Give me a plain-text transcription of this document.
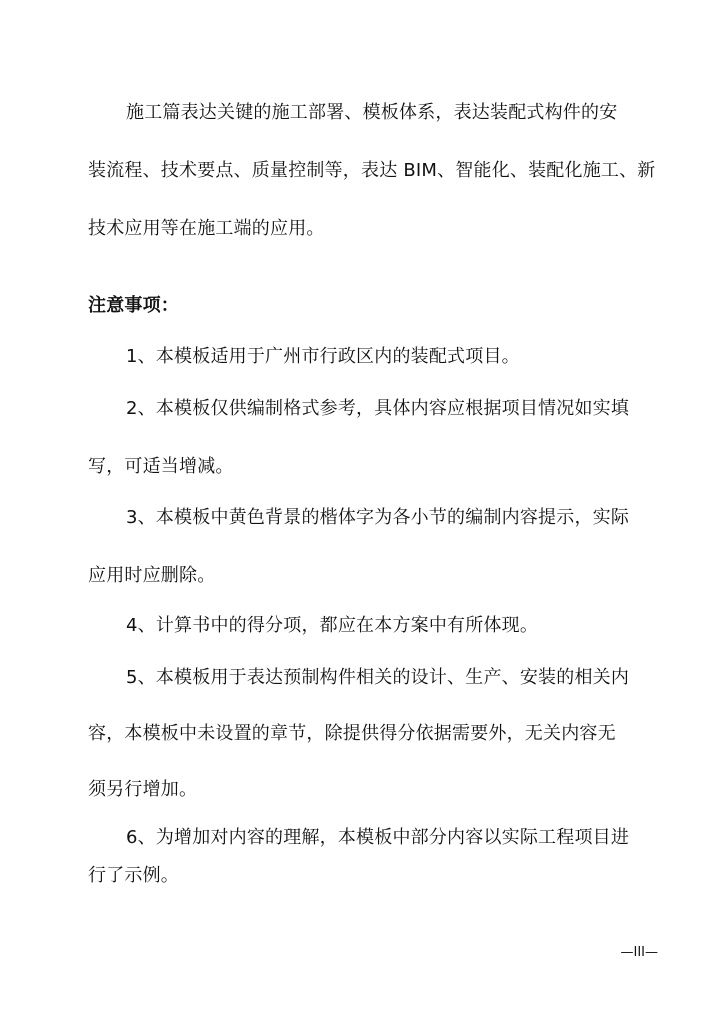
施工篇表达关键的施工部署、模板体系，表达装配式构件的安
装流程、技术要点、质量控制等，表达 BIM、智能化、装配化施工、新
技术应用等在施工端的应用。
注意事项：
1、本模板适用于广州市行政区内的装配式项目。
2、本模板仅供编制格式参考，具体内容应根据项目情况如实填
写，可适当增减。
3、本模板中黄色背景的楷体字为各小节的编制内容提示，实际
应用时应删除。
4、计算书中的得分项，都应在本方案中有所体现。
5、本模板用于表达预制构件相关的设计、生产、安装的相关内
容，本模板中未设置的章节，除提供得分依据需要外，无关内容无
须另行增加。
6、为增加对内容的理解，本模板中部分内容以实际工程项目进
行了示例。
—III—
